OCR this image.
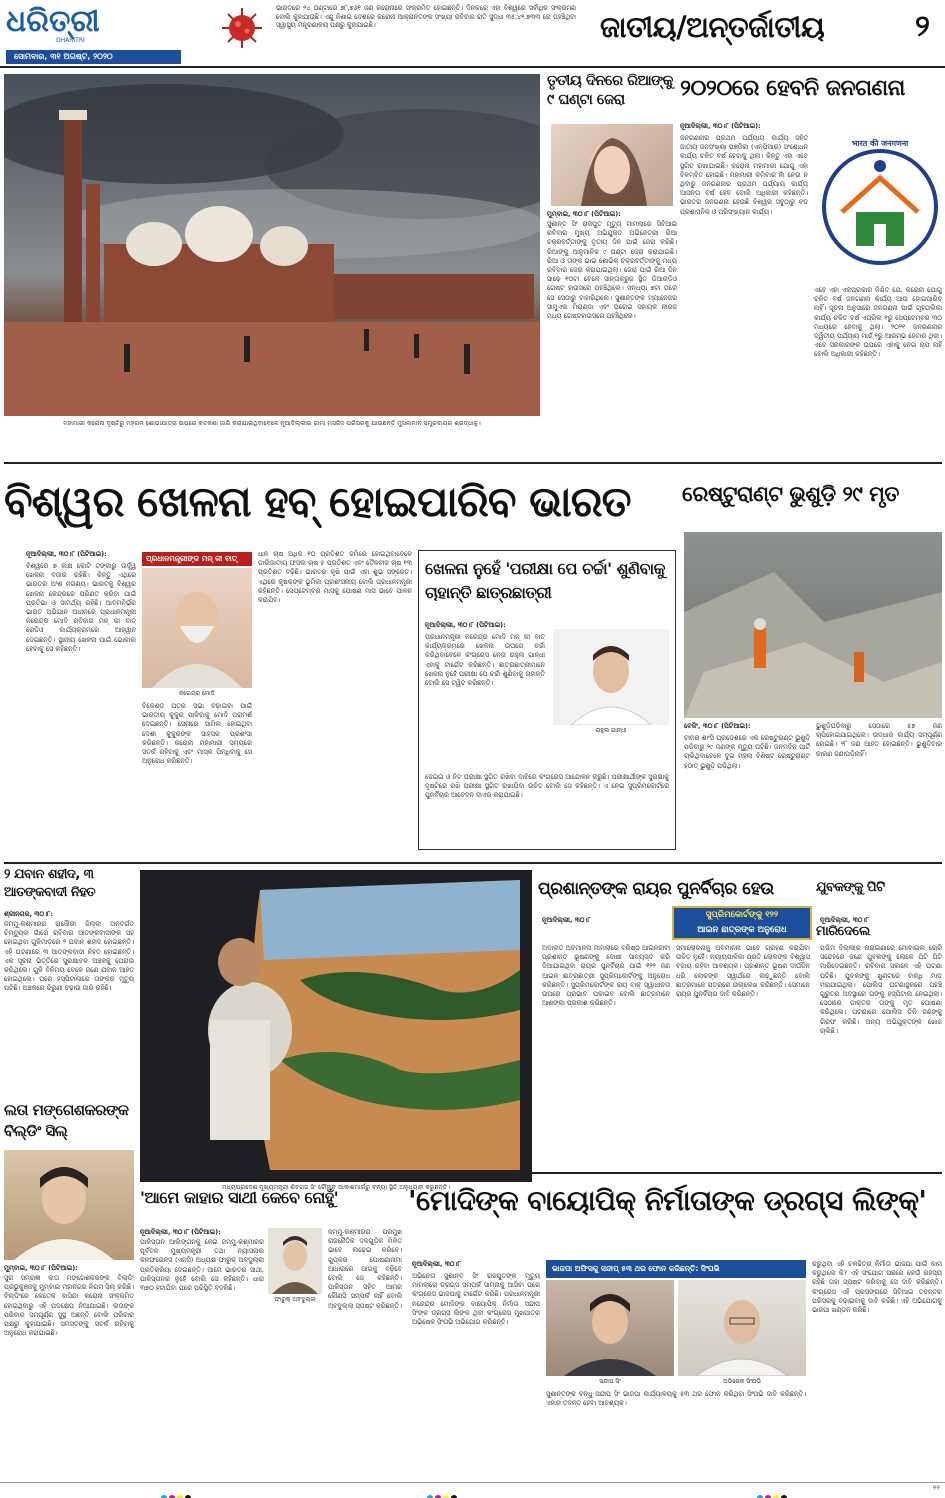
ଧରିତ୍ରୀ
DHARITRI
ସୋମବାର, ୩୧ ଅଗଷ୍ଟ, ୨୦୨୦
ଭାରତରେ ୨୪ ଘଣ୍ଟାରେ ୭୮,୭୬୧ ଜଣ କରୋନାରେ ସଂକ୍ରମିତ ହୋଇଛନ୍ତି। ଦିନକରେ ଏହା ବିଶ୍ୱରେ ସର୍ବାଧିକ ସଂକ୍ରମଣ ବୋଲି କୁହାଯାଉଛି। ଏଣୁ ନିଶାଇ ଦେଶରେ କରୋନା ଆକ୍ରାନ୍ତଙ୍କ ସଂଖ୍ୟା ରବିବାର ରାତି ସୁଦ୍ଧା ୩୫,୪୨,୭୩୩ ରେ ପହଞ୍ଚିଥିବା ସ୍ୱାସ୍ଥ୍ୟ ମନ୍ତ୍ରଣାଳୟ ପକ୍ଷରୁ କୁହାଯାଇଛି।	ଜାତୀୟ/ଅନ୍ତର୍ଜାତୀୟ	୨
ମହାମାରୀ କରୋନା ଦୃଷ୍ଟିରୁ ମହରମ ଶୋଭାଯାତ୍ରା ଉପରେ କଟକଣା ଜାରି କରାଯାଇଥିବାବେଳେ ନୂଆଦିଲ୍ଲୀର ଜାମା ମସଜିଦ ପରିସରକୁ ଯାଉଛନ୍ତି ମୁସଲମାନ ସମ୍ପ୍ରଦାୟର ଶ୍ରଦ୍ଧାଳୁ।
ତୃତୀୟ ଦିନରେ ରିଆଙ୍କୁ ୯ ଘଣ୍ଟା ଜେରା
ମୁମ୍ବାଇ, ୩୦।୮ (ପିଟିଆଇ):
ସୁଶାନ୍ତ ସିଂ ରାଜପୁତ ମୃତ୍ୟୁ ମାମଲାରେ ସିବିଆଇ ରବିବାର ମୁଖ୍ୟ ଅଭିଯୁକ୍ତ ଅଭିନେତ୍ରୀ ରିଆ ଚକ୍ରବର୍ତ୍ତୀଙ୍କୁ ତୃତୀୟ ଦିନ ପାଇଁ ଜେରା କରିଛି। ରିଆଙ୍କୁ ଆନୁମାନିକ ୯ ଘଣ୍ଟା ଜେରା କରାଯାଇଛି। ରିଆ ଓ ତାଙ୍କ ଭାଇ ଶୋଭିକ୍ ଚକ୍ରବର୍ତ୍ତୀଙ୍କୁ ମଧ୍ୟ ରବିବାର ଜେରା କରାଯାଇଥିଲା। ଜେରା ପାଇଁ ରିଆ ଦିନ ସାଢେ ୧୦ଟା ବେଳେ ସାନ୍ତାକ୍ରୁଜ ସ୍ଥିତ ଡିଆରଡିଓ ଗେଷ୍ଟ ହାଉସରେ ପହଞ୍ଚିଥିଲେ। ସନ୍ଧ୍ୟା ୭ଟା ପରେ ସେ ସେଠାରୁ ବାହାରିଥିଲେ। ସୁଶାନ୍ତଙ୍କ ମ୍ୟାନେଜର ସାମୁଏଲ ମିରାଣ୍ଡା ଏବଂ ଘରୋଇ ସହାୟକ ନୀରଜ ମଧ୍ୟ ଗେଷ୍ଟହାଉସରେ ପହଞ୍ଚିଥିଲେ।
୨୦୨୦ରେ ହେବନି ଜନଗଣନା
ନୂଆଦିଲ୍ଲୀ, ୩୦।୮ (ପିଟିଆଇ):
ଜନଗଣନାର ପ୍ରଥମ ପର୍ଯ୍ୟାୟ କାର୍ଯ୍ୟ ସହିତ ଜାତୀୟ ଜନସଂଖ୍ୟା ପଞ୍ଜିକା (ଏନପିଆର) ସଂଶୋଧନ କାର୍ଯ୍ୟ ଚଳିତ ବର୍ଷ ହେବାକୁ ଥିଲା। କିନ୍ତୁ ଏହା ଏବେ ସ୍ଥଗିତ ରଖାଯାଇଛି। କରୋନା ମହାମାରୀ ଯୋଗୁ ଏହା ବିଳମ୍ବିତ ହୋଇଛି। ମହାମାରୀ କମିବାର ନାଁ ନେଉ ନ ଥିବାରୁ ଜନଗଣନାର ପ୍ରଥମ ପର୍ଯ୍ୟାୟ କାର୍ଯ୍ୟ ଆସନ୍ତା ବର୍ଷ ହେବ ବୋଲି ଅଧିକାରୀ କହିଛନ୍ତି। ଭାରତର ଜନଗଣନା ହେଉଛି ବିଶ୍ୱର ସବୁଠାରୁ ବଡ ପ୍ରଶାସନିକ ଓ ପରିସଂଖ୍ୟାନ କାର୍ଯ୍ୟ।
भारत की जनगणना
ଏବେ ଏହା ଏକପ୍ରକାର ନିଶ୍ଚିତ ଯେ, କରୋନା ଯୋଗୁ ଚଳିତ ବର୍ଷ ଜନଗଣନା କାର୍ଯ୍ୟ ଆଉ ହୋଇପାରିବ ନାହିଁ। ସୂଚନା ଅନୁସାରେ ଜନଗଣନା ପାଇଁ ଗୃହତାଲିକା କାର୍ଯ୍ୟ ଚଳିତ ବର୍ଷ ଏପ୍ରିଲ ୧ରୁ ସେପ୍ଟେମ୍ବର ୩୦ ମଧ୍ୟରେ ହେବାକୁ ଥିଲା। ୨୦୨୧ ଜନଗଣନାର ଦ୍ୱିତୀୟ ପର୍ଯ୍ୟାୟ ମାର୍ଚ୍ଚ ୧ରୁ ଆରମ୍ଭ ହେବାର ଥିଲା। ଏବେ ସରକାରଙ୍କ ଉପରେ ଏହାକୁ ନେଇ ଚାପ ନାହିଁ ବୋଲି ଅଧିକାରୀ କହିଛନ୍ତି।
ବିଶ୍ୱର ଖେଳନା ହବ୍ ହୋଇପାରିବ ଭାରତ
ନୂଆଦିଲ୍ଲୀ, ୩୦।୮ (ପିଟିଆଇ):
ବିଶ୍ୱରେ ୭ ଲକ୍ଷ କୋଟି ଟଙ୍କାରୁ ଊର୍ଦ୍ଧ୍ୱ ଖେଳନା ବଜାର ରହିଛି। କିନ୍ତୁ ଏଥିରେ ଭାରତର ଅଂଶ ନଗଣ୍ୟ। ଭାରତକୁ ବିଶ୍ୱର ଖେଳନା କେନ୍ଦ୍ରରେ ପରିଣତ କରିବା ପାଇଁ ପ୍ରତିଭା ଓ ସାମର୍ଥ୍ୟ ରହିଛି। ଆତ୍ମନିର୍ଭର ଭାରତ ଅଭିଯାନ ଅଧୀନରେ ପ୍ରଧାନମନ୍ତ୍ରୀ ନରେନ୍ଦ୍ର ମୋଦି ରବିବାର ମନ୍ କୀ ବାତ୍ ରେଡିଓ କାର୍ଯ୍ୟକ୍ରମରେ ଆହ୍ୱାନ ଦେଇଛନ୍ତି। ସ୍ଥାନୀୟ ଖେଳନା ପାଇଁ ଭୋକାଲ ହେବାକୁ ସେ କହିଛନ୍ତି।
ପ୍ରଧାନମନ୍ତ୍ରୀଙ୍କ ମନ୍ କୀ ବାତ୍
ନରେନ୍ଦ୍ର ମୋଦି
ବିକେଶ୍ଡ ପତ୍ର ସଭା ବଢ଼ାଇବା ପାଇଁ ଭାରତୀୟ କୁକୁର ପାଳିବାକୁ ମୋଦି ପରାମର୍ଶ ଦେଇଛନ୍ତି। ସେନାରେ ସାମିଲ ହୋଇଥିବା ଦେଶୀ କୁକୁରଙ୍କ ସାହସର ପ୍ରଶଂସା କରିଛନ୍ତି। କରୋନା ମହାମାରୀ ସମୟରେ ସତର୍କ ରହିବାକୁ ଏବଂ ମାସ୍କ ପିନ୍ଧିବାକୁ ସେ ଅନୁରୋଧ କରିଛନ୍ତି।
ଧାନ ଚାଷ ଅଧିକ ୧୦ ପ୍ରତିଶତ ଜମିରେ ହୋଇଥିବାବେଳେ ଡାଲିଜାତୀୟ ଫସଲ ଚାଷ ୫ ପ୍ରତିଶତ ଏବଂ ତୈଳବୀଜ ଚାଷ ୧୩ ପ୍ରତିଶତ ବଢ଼ିଛି। ଭାରତର କୃଷି ପାଇଁ ଏହା ଶୁଭ ସଙ୍କେତ। ଏଥିରେ କୃଷକଙ୍କ ଭୂମିକା ପ୍ରଶଂସନୀୟ ବୋଲି ପ୍ରଧାନମନ୍ତ୍ରୀ କହିଛନ୍ତି। ସେପ୍ଟେମ୍ବର ମାସକୁ ପୋଷଣ ମାସ ଭାବେ ପାଳନ କରାଯିବ।
ଖେଳନା ନୁହେଁ 'ପରୀକ୍ଷା ପେ ଚର୍ଚ୍ଚା' ଶୁଣିବାକୁ ଚାହାନ୍ତି ଛାତ୍ରଛାତ୍ରୀ
ନୂଆଦିଲ୍ଲୀ, ୩୦।୮ (ପିଟିଆଇ):
ପ୍ରଧାନମନ୍ତ୍ରୀ ନରେନ୍ଦ୍ର ମୋଦି ମନ୍ କୀ ବାତ୍ କାର୍ଯ୍ୟକ୍ରମରେ ଖେଳନା ଉପରେ ଚର୍ଚ୍ଚା କରିଥିବାବେଳେ କଂଗ୍ରେସ ନେତା ରାହୁଲ ଗାନ୍ଧୀ ଏହାକୁ ଟାର୍ଗେଟ କରିଛନ୍ତି। ଛାତ୍ରଛାତ୍ରୀମାନେ ଖେଳନା ନୁହେଁ ପରୀକ୍ଷା ପେ ଚର୍ଚ୍ଚା ଶୁଣିବାକୁ ଚାହାନ୍ତି ବୋଲି ସେ ଟ୍ୱିଟ କରିଛନ୍ତି।
ରାହୁଲ ଗାନ୍ଧୀ
ଜେଇଇ ଓ ନିଟ ପରୀକ୍ଷା ସ୍ଥଗିତ ରଖିବା ଦାବିରେ କଂଗ୍ରେସ ଆନ୍ଦୋଳନ କରୁଛି। ପରୀକ୍ଷାର୍ଥୀଙ୍କ ସୁରକ୍ଷାକୁ ଦୃଷ୍ଟିରେ ରଖି ପରୀକ୍ଷା ସ୍ଥଗିତ ରଖାଯିବା ଉଚିତ ବୋଲି ସେ କହିଛନ୍ତି। ଏ ନେଇ ସୁପ୍ରିମକୋର୍ଟରେ ପୁନର୍ବିଚାର ଆବେଦନ ଦାଏର କରାଯାଇଛି।
ରେଷ୍ଟୁରାଣ୍ଟ ଭୁଶୁଡ଼ି ୨୯ ମୃତ
ବେଜିଂ, ୩୦।୮ (ପିଟିଆଇ):
ଚୀନର ଶାଂସି ପ୍ରଦେଶରେ ଏକ ରେଷ୍ଟୁରାଣ୍ଟ ଭୁଶୁଡ଼ି ପଡ଼ିବାରୁ ୨୯ ଜଣଙ୍କ ମୃତ୍ୟୁ ଘଟିଛି। ଜନ୍ମଦିନ ପାର୍ଟି ଚାଲିଥିବାବେଳେ ଦୁଇ ମହଲା ବିଶିଷ୍ଟ ରେଷ୍ଟୁରାଣ୍ଟ ହଠାତ୍ ଭୁଶୁଡ଼ି ପଡ଼ିଥିଲା।
ଭୁଶୁଡ଼ିପଡ଼ିବାରୁ ସେଠାରେ ୫୭ ଜଣ ଚାପିହୋଇଯାଇଥିଲେ। ଉଦ୍ଧାର କାର୍ଯ୍ୟ ସମ୍ପୂର୍ଣ୍ଣ ହୋଇଛି। ୨୮ ଜଣ ଆହତ ହୋଇଛନ୍ତି। ଭୁଶୁଡ଼ିବାର କାରଣ ଜଣାପଡ଼ିନାହିଁ।
୨ ଯବାନ ଶହୀଦ, ୩ ଆତଙ୍କବାଦୀ ନିହତ
ଶ୍ରୀନଗର, ୩୦।୮:
ଜମ୍ମୁ-କଶ୍ମୀରର ରାଜୌରୀ ଜିଲ୍ଲା ଅନ୍ତର୍ଗତ ଚିମ୍ବ୍ୟୁଲ ଗାଁରେ ରବିବାର ଆତଙ୍କବାଦୀଙ୍କ ସହ ହୋଇଥିବା ଗୁଳିମାଡ଼ରେ ୨ ଯବାନ ଶହୀଦ ହୋଇଛନ୍ତି। ଏହି ଘଟଣାରେ ୩ ଆତଙ୍କବାଦୀ ନିହତ ହୋଇଛନ୍ତି। ଏକ ସୂଚନା ଭିତ୍ତିରେ ସୁରକ୍ଷାବଳ ଅଞ୍ଚଳକୁ ଘେରାଉ କରିଥିଲେ। ଗୁଳି ବିନିମୟ ବେଳେ ଜଣେ ଯବାନ ଆହତ ହୋଇଥିଲେ। ପରେ ହସ୍ପିଟାଲରେ ତାଙ୍କର ମୃତ୍ୟୁ ଘଟିଛି। ଅଞ୍ଚଳରେ ଚିରୁଣୀ ଚଢ଼ାଉ ଜାରି ରହିଛି।
ଲତା ମଙ୍ଗେଶକରଙ୍କ ବିଲ୍ଡିଂ ସିଲ୍
ମୁମ୍ବାଇ, ୩୦।୮ (ପିଟିଆଇ):
ସୁର ସମ୍ରାଜ୍ଞୀ ଲତା ମଙ୍ଗେଶକରଙ୍କ ବିଲ୍ଡିଂ ପ୍ରଭୁକୁଞ୍ଜକୁ ମୁମ୍ବାଇ ମହାନଗର ନିଗମ ସିଲ୍ କରିଛି। ବିଲ୍ଡିଂରେ କେତେକ ବାସିନ୍ଦା କରୋନା ସଂକ୍ରମିତ ହୋଇଥିବାରୁ ଏହି ପଦକ୍ଷେପ ନିଆଯାଇଛି। ଲତାଙ୍କ ପରିବାର ସମ୍ପୂର୍ଣ୍ଣ ସୁସ୍ଥ ଅଛନ୍ତି ବୋଲି ପରିବାର ପକ୍ଷରୁ କୁହାଯାଇଛି। ସମସ୍ତଙ୍କୁ ସତର୍କ ରହିବାକୁ ଅନୁରୋଧ କରାଯାଇଛି।
ମଧ୍ୟପ୍ରଦେଶ ମୁଖ୍ୟମନ୍ତ୍ରୀ ଶିବରାଜ ସିଂ ଚୌହାନ ଆକାଶମାର୍ଗରୁ ବନ୍ୟା ସ୍ଥିତି ଅନୁଧ୍ୟାନ କରୁଛନ୍ତି।
ପ୍ରଶାନ୍ତଙ୍କ ରାୟର ପୁନର୍ବିଚାର ହେଉ
ନୂଆଦିଲ୍ଲୀ, ୩୦।୮	ସୁପ୍ରିମକୋର୍ଟଙ୍କୁ ୧୨୨
ଆଇନ ଛାତ୍ରଙ୍କ ଅନୁରୋଧ
ଅଦାଲତ ଅବମାନନା ମାମଲାରେ ବରିଷ୍ଠ ଆଇନଜୀବୀ ପ୍ରଶାନ୍ତ ଭୂଷଣଙ୍କୁ ଦୋଷୀ ସାବ୍ୟସ୍ତ କରି ଦିଆଯାଇଥିବା ରାୟର ପୁନର୍ବିଚାର ପାଇଁ ୧୨୨ ଜଣ ଆଇନ ଛାତ୍ରଛାତ୍ରୀ ସୁପ୍ରିମକୋର୍ଟଙ୍କୁ ଅନୁରୋଧ କରିଛନ୍ତି। ସୁପ୍ରିମକୋର୍ଟଙ୍କ ରାୟ ବାକ୍ ସ୍ୱାଧୀନତା ଉପରେ ପ୍ରଭାବ ପକାଇବ ବୋଲି ଛାତ୍ରମାନେ ଆଶଙ୍କା ପ୍ରକାଶ କରିଛନ୍ତି।
ସମାଲୋଚନାକୁ ଅବମାନନା ଭାବେ ଗ୍ରହଣ କରାଯିବା ଉଚିତ ନୁହେଁ। ନ୍ୟାୟପାଳିକା ପ୍ରତି ଲୋକଙ୍କ ବିଶ୍ୱାସ ବଜାୟ ରହିବା ଆବଶ୍ୟକ। ପ୍ରଶାନ୍ତ ଭୂଷଣ ଦୀର୍ଘଦିନ ଧରି ଲୋକଙ୍କ ସ୍ୱାର୍ଥରେ ଲଢ଼ୁଛନ୍ତି ବୋଲି ଛାତ୍ରମାନେ ପତ୍ରରେ ଉଲ୍ଲେଖ କରିଛନ୍ତି। ସେମାନେ ରାୟର ପୁନର୍ବିଚାର ଦାବି କରିଛନ୍ତି।
ଯୁବକଙ୍କୁ ପିଟି ମାରିଦେଲେ
ନୂଆଦିଲ୍ଲୀ, ୩୦।୮
ପଶ୍ଚିମ ଦିଲ୍ଲୀର ନାରାଇଣାରେ ମୋବାଇଲ ଚୋରି ସନ୍ଦେହରେ ଜଣେ ଯୁବକଙ୍କୁ ଲୋକେ ପିଟି ପିଟି ମାରିଦେଇଛନ୍ତି। ରବିବାର ସକାଳେ ଏହି ଘଟଣା ଘଟିଛି। ଯୁବକଙ୍କୁ ଖୁଣ୍ଟରେ ବାନ୍ଧି ମାଡ଼ ମରାଯାଇଥିଲା। ପୋଲିସ ଘଟଣାସ୍ଥଳରେ ପହଞ୍ଚି ଗୁରୁତର ଅବସ୍ଥାରେ ତାଙ୍କୁ ହସ୍ପିଟାଲ ନେଇଥିଲା। ସେଠାରେ ଡାକ୍ତର ତାଙ୍କୁ ମୃତ ଘୋଷଣା କରିଥିଲେ। ଘଟଣାରେ ପୋଲିସ ତିନି ଜଣଙ୍କୁ ଗିରଫ କରିଛି। ଅନ୍ୟ ଅଭିଯୁକ୍ତଙ୍କ ଖୋଜ ଚାଲିଛି।
'ଆମେ କାହାର ସାଥୀ କେବେ ନୋହୁଁ'
ନୂଆଦିଲ୍ଲୀ, ୩୦।୮ (ପିଟିଆଇ):
ପାକିସ୍ତାନ ଆଲିଙ୍ଗନକୁ ନେଇ ଜମ୍ମୁ-କଶ୍ମୀରର ପୂର୍ବତନ ମୁଖ୍ୟମନ୍ତ୍ରୀ ତଥା ନ୍ୟାସନାଲ କନଫରେନ୍ସ (ଏନସି) ଅଧ୍ୟକ୍ଷ ଫାରୁକ୍ ଅବଦୁଲ୍ଲା ପ୍ରତିକ୍ରିୟା ଦେଇଛନ୍ତି। ଆମେ ଭାରତର ସାଥୀ, ପାକିସ୍ତାନର ନୁହେଁ ବୋଲି ସେ କହିଛନ୍ତି। ଧାରା ୩୭୦ ହଟାଯିବା ପରେ ପରିସ୍ଥିତି ବଦଳିଛି।
ଫାରୁକ୍ ଅବଦୁଲ୍ଲା
ଜମ୍ମୁ-କଶ୍ମୀରର ପ୍ରମୁଖ ରାଜନୈତିକ ଦଳଗୁଡ଼ିକ ମିଳିତ ଭାବେ ଲଢ଼େଇ କରିବେ। ଗୁପ୍କର ଘୋଷଣାନାମା ଆଧାରରେ ଆଗକୁ ବଢ଼ିବେ ବୋଲି ସେ କହିଛନ୍ତି। ପାକିସ୍ତାନ ସହିତ ଆମର କୌଣସି ସମ୍ପର୍କ ନାହିଁ ବୋଲି ଅବଦୁଲ୍ଲା ସ୍ପଷ୍ଟ କରିଛନ୍ତି।
'ମୋଦିଙ୍କ ବାୟୋପିକ୍ ନିର୍ମାତାଙ୍କ ଡ୍ରଗ୍ସ ଲିଙ୍କ୍'
ନୂଆଦିଲ୍ଲୀ, ୩୦।୮
ଅଭିନେତା ସୁଶାନ୍ତ ସିଂ ରାଜପୁତଙ୍କ ମୃତ୍ୟୁ ମାମଲାରେ ଡ୍ରଗ୍ସ ସମ୍ପର୍କ ସାମ୍ନାକୁ ଆସିବା ପରେ କଂଗ୍ରେସ ଭାଜପାକୁ ଟାର୍ଗେଟ କରିଛି। ପ୍ରଧାନମନ୍ତ୍ରୀ ନରେନ୍ଦ୍ର ମୋଦିଙ୍କ ବାୟୋପିକ୍ ନିର୍ମାତା ସନ୍ଦୀପ ସିଂଙ୍କ ଡ୍ରଗ୍ସ ଲିଙ୍କ ଥିବା କଂଗ୍ରେସ ମୁଖପାତ୍ର ଅଭିଷେକ ସିଂଘଭି ଅଭିଯୋଗ କରିଛନ୍ତି।
ଭାଜପା ଅଫିସକୁ ସନ୍ଦୀପ୍ ୫୩ ଥର ଫୋନ କରିଛନ୍ତି: ସିଂଘଭି
ସନ୍ଦୀପ ସିଂ	ଅଭିଷେକ ସିଂଘଭି
ସୁଶାନ୍ତଙ୍କ ବନ୍ଧୁ ସନ୍ଦୀପ ସିଂ ଭାଜପା କାର୍ଯ୍ୟାଳୟକୁ ୫୩ ଥର ଫୋନ କରିଥିବା ସିଂଘଭି ଦାବି କରିଛନ୍ତି। ଏହାର ତଦନ୍ତ ହେବା ଆବଶ୍ୟକ।
କରୁଥିବା ଏହି ଚଳଚ୍ଚିତ୍ର ନିର୍ମାତା ଭାଜପା ପାଇଁ କାମ କରୁଥିଲେ କି? ଏହି ସଂଯୋଗ ପଛରେ କେଉଁ ରହସ୍ୟ ରହିଛି ତାହା ସ୍ପଷ୍ଟ କରିବାକୁ ସେ ଦାବି କରିଛନ୍ତି। କଂଗ୍ରେସ ଏହି ପ୍ରସଙ୍ଗରେ ସିବିଆଇ ତଦନ୍ତର ପରିସରକୁ ବଢ଼ାଇବାକୁ ଦାବି କରିଛି। ଏହି ଅଭିଯୋଗକୁ ଭାଜପା ଖଣ୍ଡନ କରିଛି।
୧୧
